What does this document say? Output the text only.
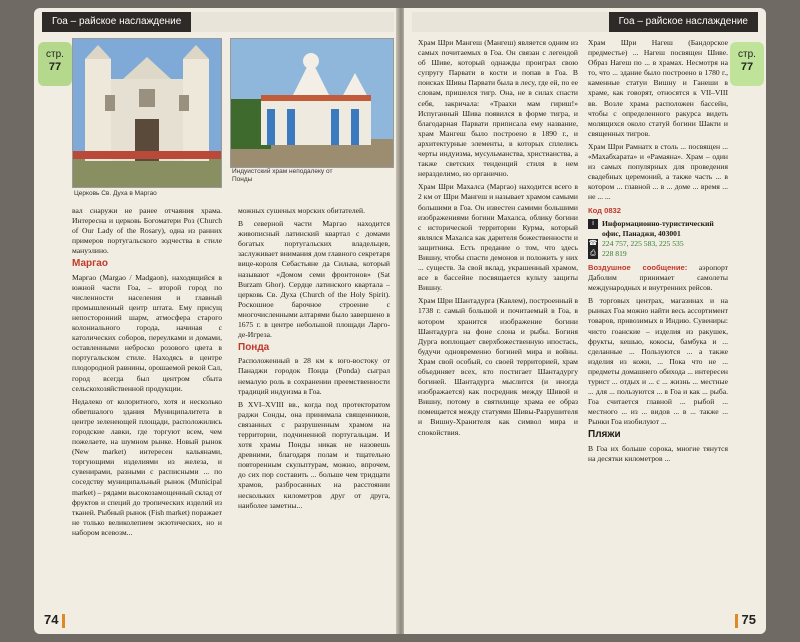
Гоа – райское наслаждение
стр.
77
Церковь Св. Духа в Маргао
Индуистский храм неподалеку от Понды

вал снаружи не ранее отчаяния храма. Интересна и церковь Богоматери Роз (Church of Our Lady of the Rosary), одна из ранних примеров португальского зодчества в стиле мануэлино.

Маргао

Маргао (Margao / Madgaon), находящийся в южной части Гоа, – второй город по численности населения и главный промышленный центр штата. Ему присущ непосторонний шарм, атмосфера старого колониального города, начиная с католических соборов, переулками и домами, оставленными неброско розового цвета в португальском стиле. Находясь в центре плодородной равнины, орошаемой рекой Сал, город всегда был центром сбыта сельскохозяйственной продукции.

Недалеко от колоритного, хотя и несколько обветшалого здания Муниципалитета в центре зеленеющей площади, расположились городские лавки, где торгуют всем, чем пожелаете, на шумном рынке. Новый рынок (New market) интересен кальянами, торгующими изделиями из железа, и сувенирами, разными с расписными ... по соседству муниципальный рынок (Municipal market) – рядами высокозамощенный склад от фруктов и специй до тропических изделий из тканей. Рыбный рынок (Fish market) поражает не только великолепием экзотических, но и набором всевозм...

можных сушеных морских обитателей.

В северной части Маргао находится живописный латинский квартал с домами богатых португальских владельцев, заслуживает внимания дом главного секретаря вице-короля Себастьяне да Сильва, который называют «Домом семи фронтонов» (Sat Burzam Ghor). Сердце латинского квартала – церковь Св. Духа (Church of the Holy Spirit). Роскошное барочное строение с многочисленными алтарями было завершено в 1675 г. в центре небольшой площади Ларго-де-Игреза.

Понда

Расположенный в 28 км к юго-востоку от Панаджи городок Понда (Ponda) сыграл немалую роль в сохранении преемственности традиций индуизма в Гоа.

В XVI–XVIII вв., когда под протекторатом раджи Сонды, она принимала священников, связанных с разрушенным храмом на территории, подчиненной португальцам. И хотя храмы Понды никак не назовешь древними, благодаря полам и тщательно повторенным скульптурам, можно, впрочем, до сих пор составить ... больше чем тридцати храмов, разбросанных на расстоянии нескольких километров друг от друга, наиболее заметны...

74
Гоа – райское наслаждение
стр.
77

Храм Шри Мангеш (Мангеш) является одним из самых почитаемых в Гоа. Он связан с легендой об Шиве, который однажды проиграл свою супругу Парвати в кости и попав в Гоа. В поисках Шивы Парвати была в лесу, где ей, по ее словам, пришелся тигр. Она, не в силах спасти себя, закричала: «Траахи мам гириш!» Испуганный Шива появился в форме тигра, и благодарная Парвати приписала ему название, храм Мангеш было построено в 1890 г., и архитектурные элементы, в которых сплелись черты индуизма, мусульманства, христианства, а также светских тенденций стиля в нем неразделимо, но органично.

Храм Шри Махалса (Маргао) находится всего в 2 км от Шри Мангеш и называет храмом самыми большими в Гоа. Он известен самими большими изображениями богини Махалса, облику богини с исторической территории Курма, который являлся Махалса как дарителя божественности и защитника. Есть предание о том, что здесь Вишну, чтобы спасти демонов и положить у них ... существ. За свой вклад, украшенный храмом, все в бассейне посвящается культу защиты Вишну.

Храм Шри Шантадурга (Кавлем), построенный в 1738 г. самый большой и почитаемый в Гоа, в котором хранится изображение богини Шантадурга на фоне слона и рыбы. Богиня Дурга воплощает сверхбожественную ипостась, будучи одновременно богиней мира и войны. Храм свой особый, со своей территорией, храм объединяет всех, кто постигает Шантадургу богиней. Шантадурга мыслится (и иногда изображается) как посредник между Шивой и Вишну, потому в святилище храма ее образ помещается между статуями Шивы-Разрушителя и Вишну-Хранителя как символ мира и спокойствия.

Храм Шри Нагеш (Бандорское предместье) ... Нагеш посвящен Шиве. Образ Нагеш по ... в храмах. Несмотря на то, что ... здание было построено в 1780 г., каменные статуи Вишну и Ганеши в храме, как говорят, относятся к VII–VIII вв. Возле храма расположен бассейн, чтобы с определенного ракурса видеть молящихся около статуй богини Шакти и священных тигров.

Храм Шри Рамнатх в столь ... посвящен ... «Махабхарата» и «Рамаяна». Храм – один из самых популярных для проведения свадебных церемоний, а также часть ... в котором ... главной ... в ... доме ... время ... не ... ...

Код 0832

i	Информационно-туристический офис, Панаджи, 403001
☎ 224 757, 225 583, 225 535
⎙ 228 819

Воздушное сообщение: аэропорт Даболим принимает самолеты международных и внутренних рейсов.

В торговых центрах, магазинах и на рынках Гоа можно найти весь ассортимент товаров, привозимых в Индию. Сувениры: чисто гоанские – изделия из ракушек, фрукты, кешью, кокосы, бамбука и ... сделанные ... Пользуются ... а также изделия из кожи, ... Пока что не ... предметы домашнего обихода ... интересен турист ... отдых и ... с ... жизнь ... местные ... для ... пользуются ... в Гоа и как ... рыба. Гоа считается главной ... рыбой ... местного ... из ... видов ... в ... также ... Рынки Гоа изобилуют ...

Пляжи

В Гоа их больше сорока, многие тянутся на десятки километров ...

75
